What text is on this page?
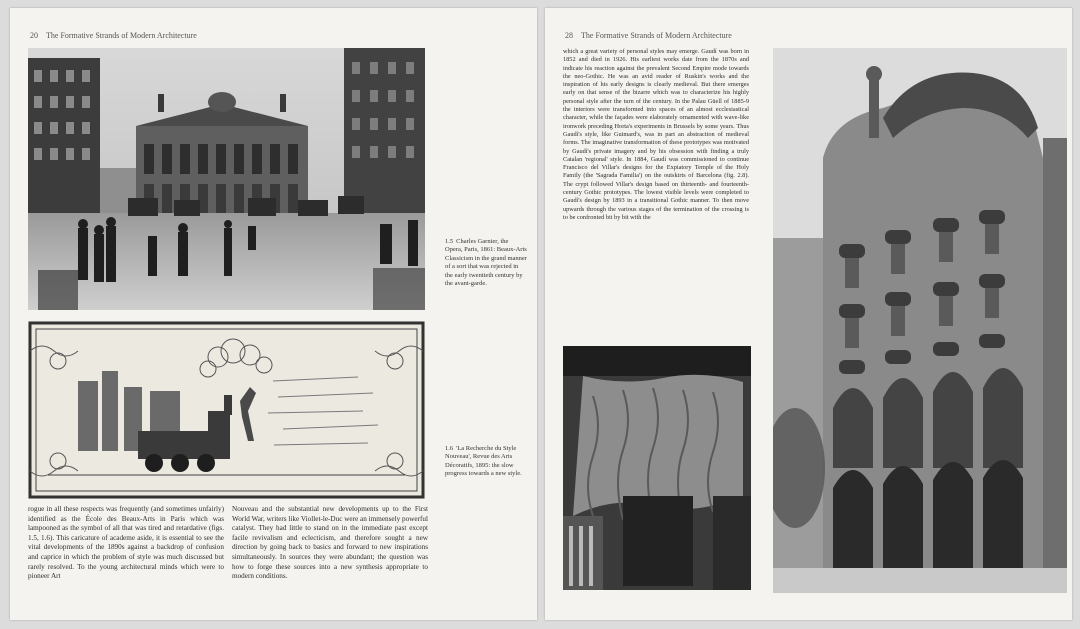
20 The Formative Strands of Modern Architecture
1.5 Charles Garnier, the Opera, Paris, 1861: Beaux-Arts Classicism in the grand manner of a sort that was rejected in the early twentieth century by the avant-garde.
1.6 'La Recherche du Style Nouveau', Revue des Arts Décoratifs, 1895: the slow progress towards a new style.

rogue in all these respects was frequently (and sometimes unfairly) identified as the École des Beaux-Arts in Paris which was lampooned as the symbol of all that was tired and retardative (figs. 1.5, 1.6). This caricature of academe aside, it is essential to see the vital developments of the 1890s against a backdrop of confusion and caprice in which the problem of style was much discussed but rarely resolved. To the young architectural minds which were to pioneer Art

Nouveau and the substantial new developments up to the First World War, writers like Viollet-le-Duc were an immensely powerful catalyst. They had little to stand on in the immediate past except facile revivalism and eclecticism, and therefore sought a new direction by going back to basics and forward to new inspirations simultaneously. In sources they were abundant; the question was how to forge these sources into a new synthesis appropriate to modern conditions.

28 The Formative Strands of Modern Architecture

which a great variety of personal styles may emerge. Gaudí was born in 1852 and died in 1926. His earliest works date from the 1870s and indicate his reaction against the prevalent Second Empire mode towards the neo-Gothic. He was an avid reader of Ruskin's works and the inspiration of his early designs is clearly medieval. But there emerges early on that sense of the bizarre which was to characterize his highly personal style after the turn of the century. In the Palau Güell of 1885-9 the interiors were transformed into spaces of an almost ecclesiastical character, while the façades were elaborately ornamented with wave-like ironwork preceding Horta's experiments in Brussels by some years. Thus Gaudí's style, like Guimard's, was in part an abstraction of medieval forms. The imaginative transformation of these prototypes was motivated by Gaudí's private imagery and by his obsession with finding a truly Catalan 'regional' style. In 1884, Gaudí was commissioned to continue Francisco del Villar's designs for the Expiatory Temple of the Holy Family (the 'Sagrada Familia') on the outskirts of Barcelona (fig. 2.8). The crypt followed Villar's design based on thirteenth- and fourteenth-century Gothic prototypes. The lowest visible levels were completed to Gaudí's design by 1893 in a transitional Gothic manner. To then move upwards through the various stages of the termination of the crossing is to be confronted bit by bit with the
